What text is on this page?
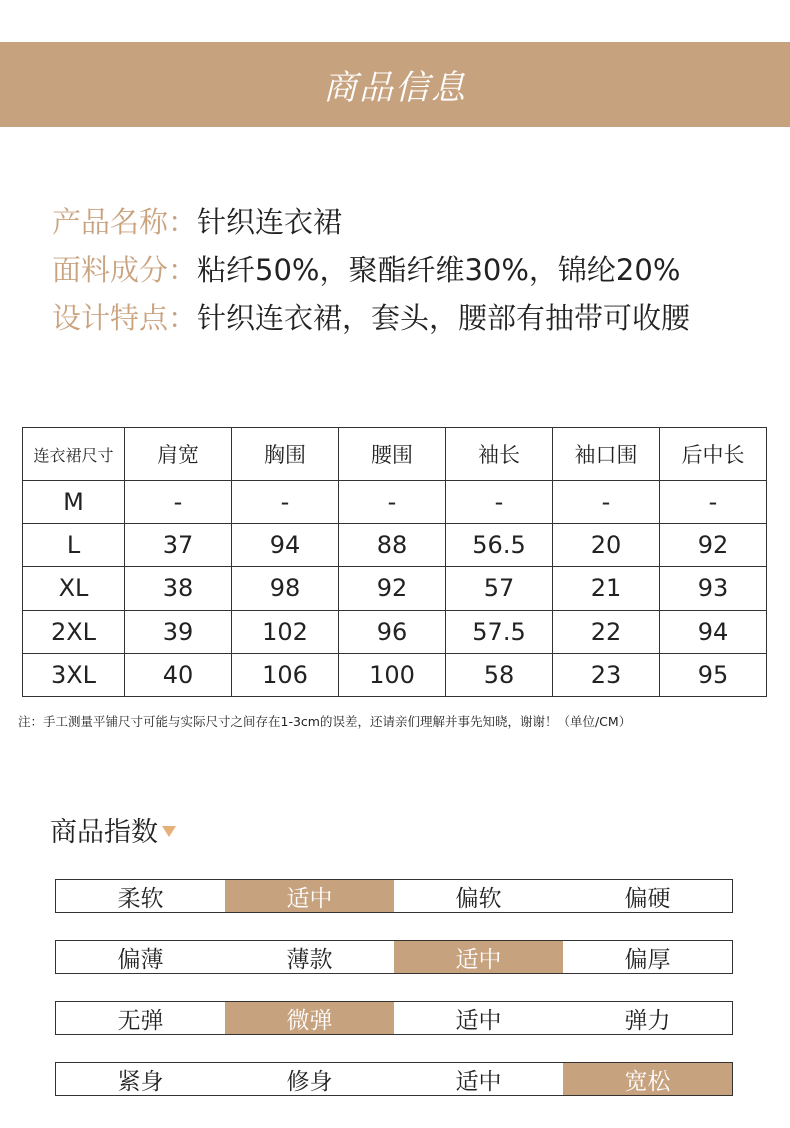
商品信息
产品名称：针织连衣裙
面料成分：粘纤50%，聚酯纤维30%，锦纶20%
设计特点：针织连衣裙，套头，腰部有抽带可收腰
连衣裙尺寸	肩宽	胸围	腰围	袖长	袖口围	后中长
M	-	-	-	-	-	-
L	37	94	88	56.5	20	92
XL	38	98	92	57	21	93
2XL	39	102	96	57.5	22	94
3XL	40	106	100	58	23	95
注：手工测量平铺尺寸可能与实际尺寸之间存在1-3cm的误差，还请亲们理解并事先知晓，谢谢！（单位/CM）
商品指数
柔软	适中	偏软	偏硬
偏薄	薄款	适中	偏厚
无弹	微弹	适中	弹力
紧身	修身	适中	宽松
